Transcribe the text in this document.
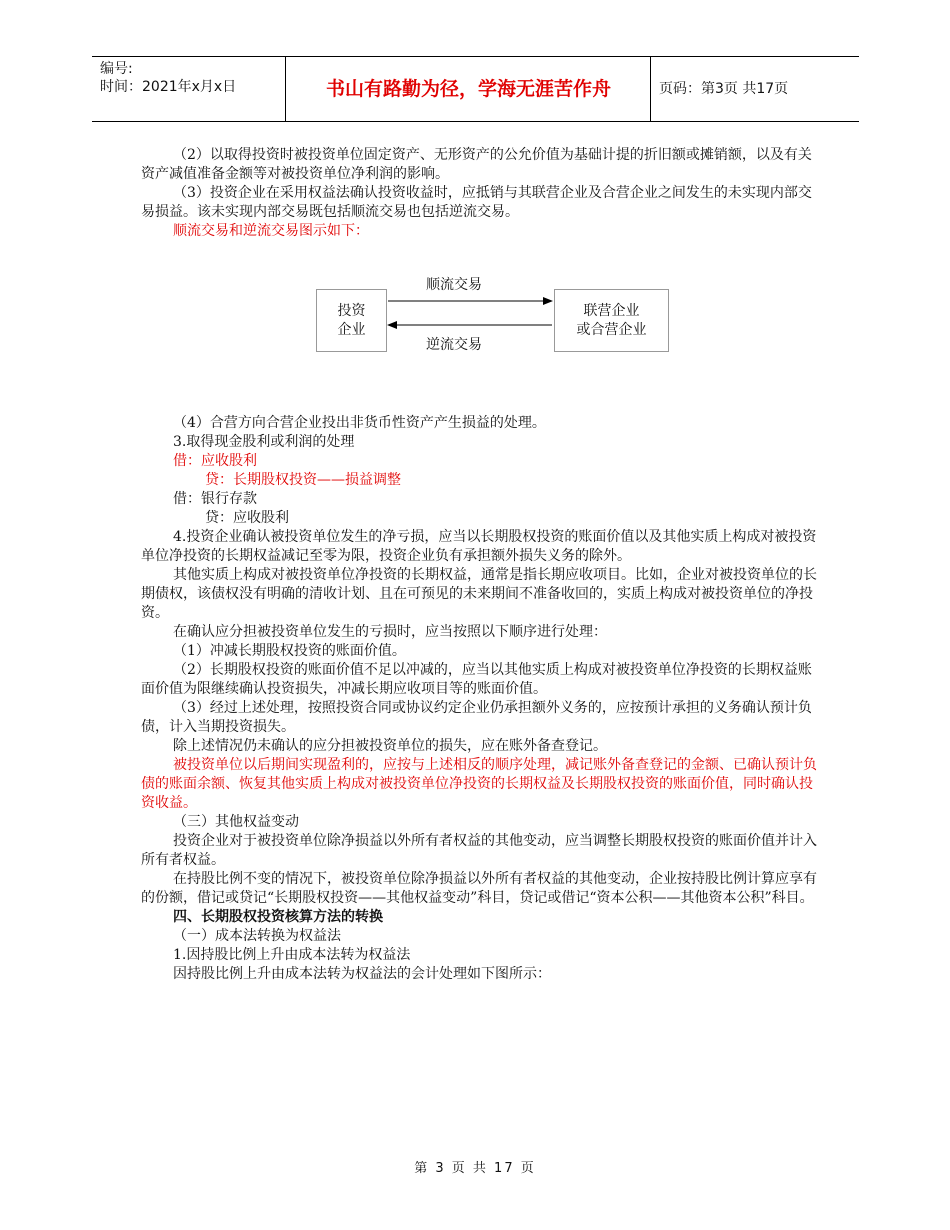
编号:
时间：2021年x月x日	书山有路勤为径，学海无涯苦作舟	页码：第3页 共17页

（2）以取得投资时被投资单位固定资产、无形资产的公允价值为基础计提的折旧额或摊销额，以及有关资产减值准备金额等对被投资单位净利润的影响。

（3）投资企业在采用权益法确认投资收益时，应抵销与其联营企业及合营企业之间发生的未实现内部交易损益。该未实现内部交易既包括顺流交易也包括逆流交易。

顺流交易和逆流交易图示如下：

投资
企业
联营企业
或合营企业
顺流交易
逆流交易

（4）合营方向合营企业投出非货币性资产产生损益的处理。

3.取得现金股利或利润的处理

借：应收股利

贷：长期股权投资——损益调整

借：银行存款

贷：应收股利

4.投资企业确认被投资单位发生的净亏损，应当以长期股权投资的账面价值以及其他实质上构成对被投资单位净投资的长期权益减记至零为限，投资企业负有承担额外损失义务的除外。

其他实质上构成对被投资单位净投资的长期权益，通常是指长期应收项目。比如，企业对被投资单位的长期债权，该债权没有明确的清收计划、且在可预见的未来期间不准备收回的，实质上构成对被投资单位的净投资。

在确认应分担被投资单位发生的亏损时，应当按照以下顺序进行处理：

（1）冲减长期股权投资的账面价值。

（2）长期股权投资的账面价值不足以冲减的，应当以其他实质上构成对被投资单位净投资的长期权益账面价值为限继续确认投资损失，冲减长期应收项目等的账面价值。

（3）经过上述处理，按照投资合同或协议约定企业仍承担额外义务的，应按预计承担的义务确认预计负债，计入当期投资损失。

除上述情况仍未确认的应分担被投资单位的损失，应在账外备查登记。

被投资单位以后期间实现盈利的，应按与上述相反的顺序处理，减记账外备查登记的金额、已确认预计负债的账面余额、恢复其他实质上构成对被投资单位净投资的长期权益及长期股权投资的账面价值，同时确认投资收益。

（三）其他权益变动

投资企业对于被投资单位除净损益以外所有者权益的其他变动，应当调整长期股权投资的账面价值并计入所有者权益。

在持股比例不变的情况下，被投资单位除净损益以外所有者权益的其他变动，企业按持股比例计算应享有的份额，借记或贷记“长期股权投资——其他权益变动”科目，贷记或借记“资本公积——其他资本公积”科目。

四、长期股权投资核算方法的转换

（一）成本法转换为权益法

1.因持股比例上升由成本法转为权益法

因持股比例上升由成本法转为权益法的会计处理如下图所示：

第 3 页 共 17 页
